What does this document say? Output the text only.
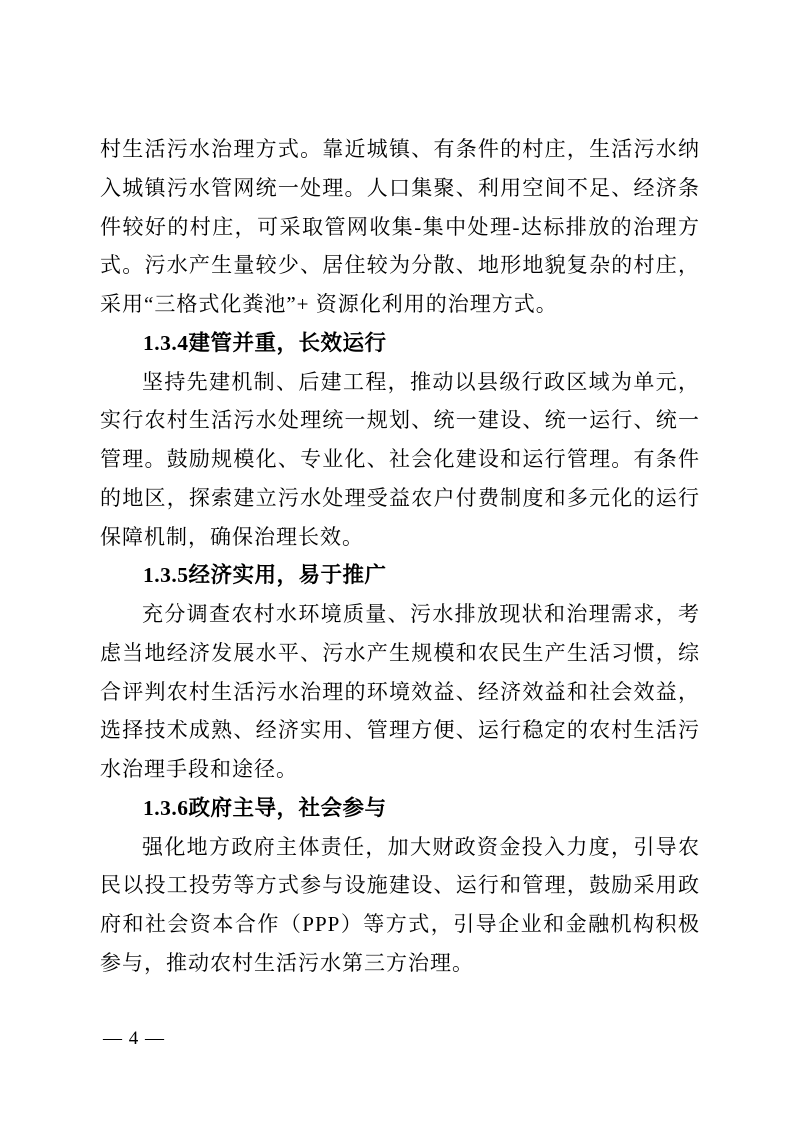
村生活污水治理方式。靠近城镇、有条件的村庄，生活污水纳入城镇污水管网统一处理。人口集聚、利用空间不足、经济条件较好的村庄，可采取管网收集-集中处理-达标排放的治理方式。污水产生量较少、居住较为分散、地形地貌复杂的村庄，采用“三格式化粪池”+ 资源化利用的治理方式。

1.3.4建管并重，长效运行

坚持先建机制、后建工程，推动以县级行政区域为单元，实行农村生活污水处理统一规划、统一建设、统一运行、统一管理。鼓励规模化、专业化、社会化建设和运行管理。有条件的地区，探索建立污水处理受益农户付费制度和多元化的运行保障机制，确保治理长效。

1.3.5经济实用，易于推广

充分调查农村水环境质量、污水排放现状和治理需求，考虑当地经济发展水平、污水产生规模和农民生产生活习惯，综合评判农村生活污水治理的环境效益、经济效益和社会效益，选择技术成熟、经济实用、管理方便、运行稳定的农村生活污水治理手段和途径。

1.3.6政府主导，社会参与

强化地方政府主体责任，加大财政资金投入力度，引导农民以投工投劳等方式参与设施建设、运行和管理，鼓励采用政府和社会资本合作（PPP）等方式，引导企业和金融机构积极参与，推动农村生活污水第三方治理。

— 4 —
